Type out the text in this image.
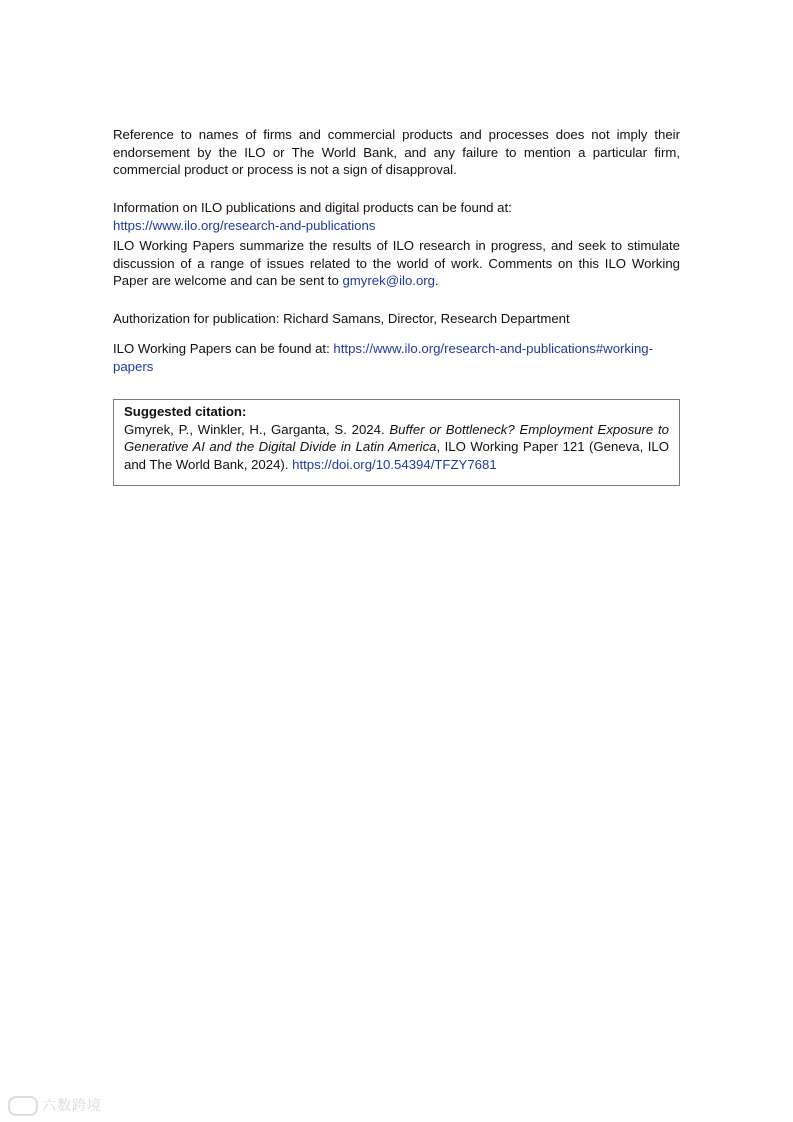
Reference to names of firms and commercial products and processes does not imply their endorsement by the ILO or The World Bank, and any failure to mention a particular firm, commercial product or process is not a sign of disapproval.

Information on ILO publications and digital products can be found at: https://www.ilo.org/research-and-publications

ILO Working Papers summarize the results of ILO research in progress, and seek to stimulate discussion of a range of issues related to the world of work. Comments on this ILO Working Paper are welcome and can be sent to gmyrek@ilo.org.

Authorization for publication: Richard Samans, Director, Research Department

ILO Working Papers can be found at: https://www.ilo.org/research-and-publications#working-papers

Suggested citation:
Gmyrek, P., Winkler, H., Garganta, S. 2024. Buffer or Bottleneck? Employment Exposure to Generative AI and the Digital Divide in Latin America, ILO Working Paper 121 (Geneva, ILO and The World Bank, 2024). https://doi.org/10.54394/TFZY7681
六数跨境
